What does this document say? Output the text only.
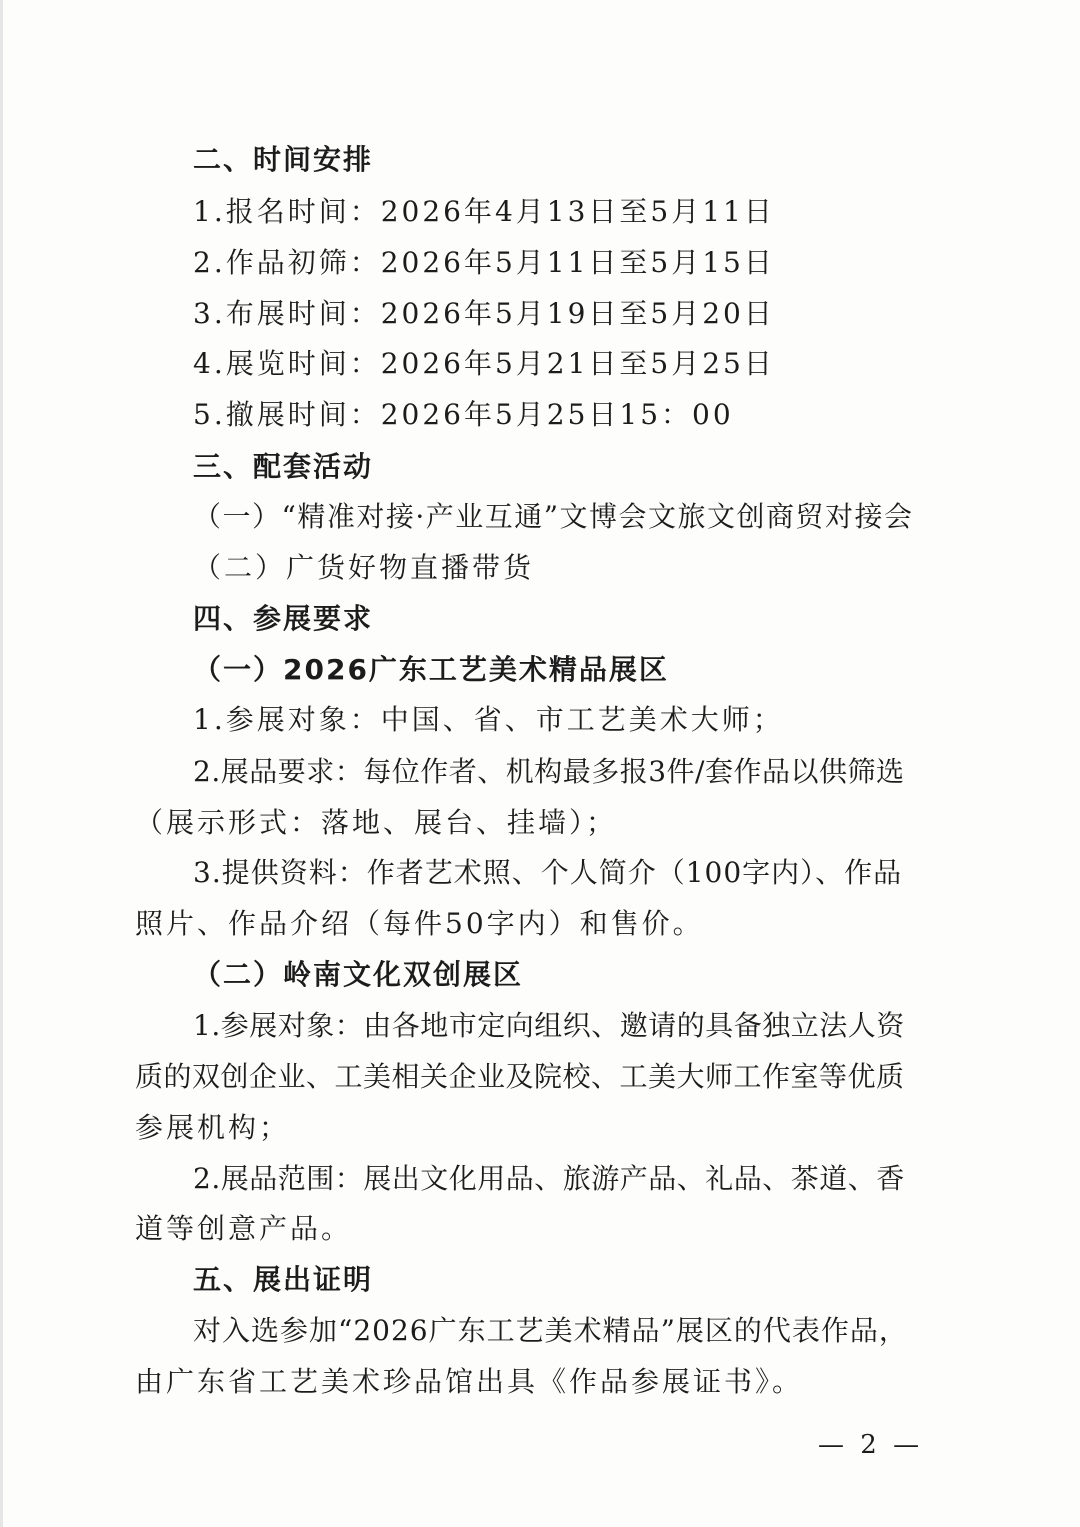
二、时间安排
1.报名时间：2026年4月13日至5月11日
2.作品初筛：2026年5月11日至5月15日
3.布展时间：2026年5月19日至5月20日
4.展览时间：2026年5月21日至5月25日
5.撤展时间：2026年5月25日15：00
三、配套活动
（一）“精准对接·产业互通”文博会文旅文创商贸对接会
（二）广货好物直播带货
四、参展要求
（一）2026广东工艺美术精品展区
1.参展对象：中国、省、市工艺美术大师；
2.展品要求：每位作者、机构最多报3件/套作品以供筛选
（展示形式：落地、展台、挂墙）；
3.提供资料：作者艺术照、个人简介（100字内）、作品
照片、作品介绍（每件50字内）和售价。
（二）岭南文化双创展区
1.参展对象：由各地市定向组织、邀请的具备独立法人资
质的双创企业、工美相关企业及院校、工美大师工作室等优质
参展机构；
2.展品范围：展出文化用品、旅游产品、礼品、茶道、香
道等创意产品。
五、展出证明
对入选参加“2026广东工艺美术精品”展区的代表作品，
由广东省工艺美术珍品馆出具《作品参展证书》。
— 2 —
